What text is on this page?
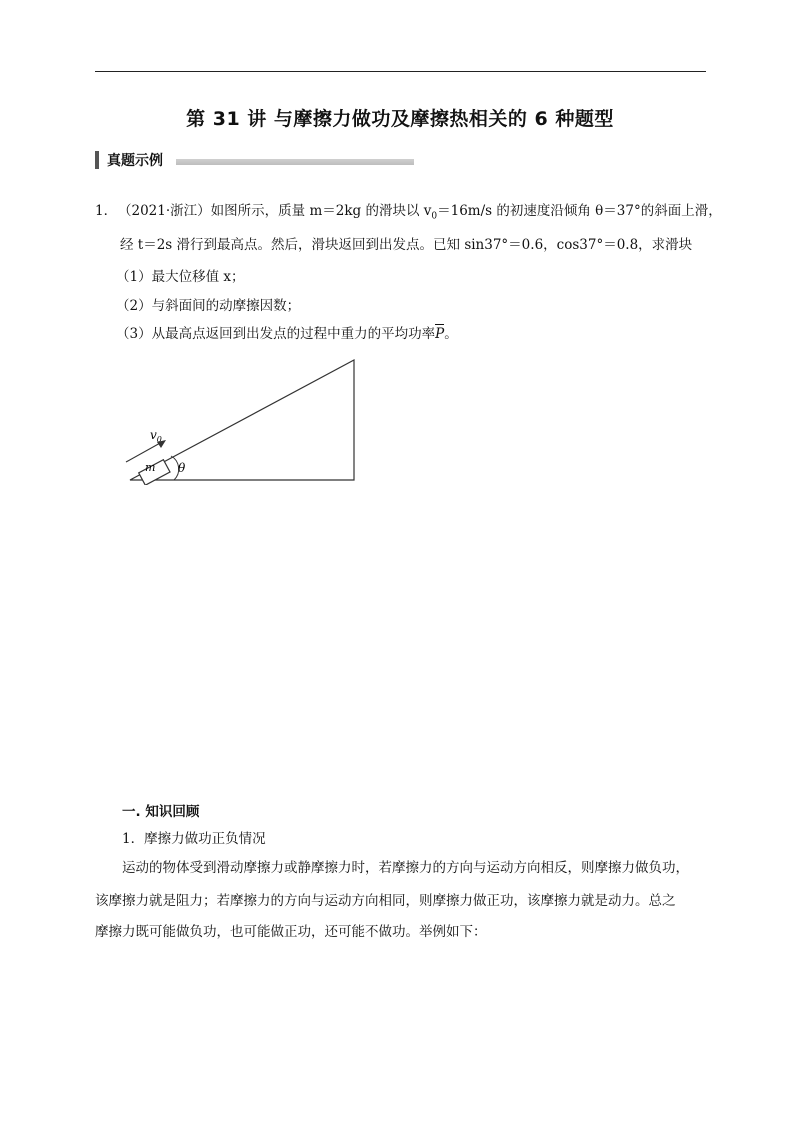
第 31 讲 与摩擦力做功及摩擦热相关的 6 种题型
真题示例
1． （2021·浙江）如图所示，质量 m＝2kg 的滑块以 $v_0=16m/s$ 的初速度沿倾角 θ＝37°的斜面上滑，
经 t＝2s 滑行到最高点。然后，滑块返回到出发点。已知 sin37°＝0.6，cos37°＝0.8，求滑块
（1）最大位移值 x；
（2）与斜面间的动摩擦因数；
（3）从最高点返回到出发点的过程中重力的平均功率P。
m
$v_0$
θ
一. 知识回顾
1．摩擦力做功正负情况
运动的物体受到滑动摩擦力或静摩擦力时，若摩擦力的方向与运动方向相反，则摩擦力做负功，
该摩擦力就是阻力；若摩擦力的方向与运动方向相同，则摩擦力做正功，该摩擦力就是动力。总之
摩擦力既可能做负功，也可能做正功，还可能不做功。举例如下：
